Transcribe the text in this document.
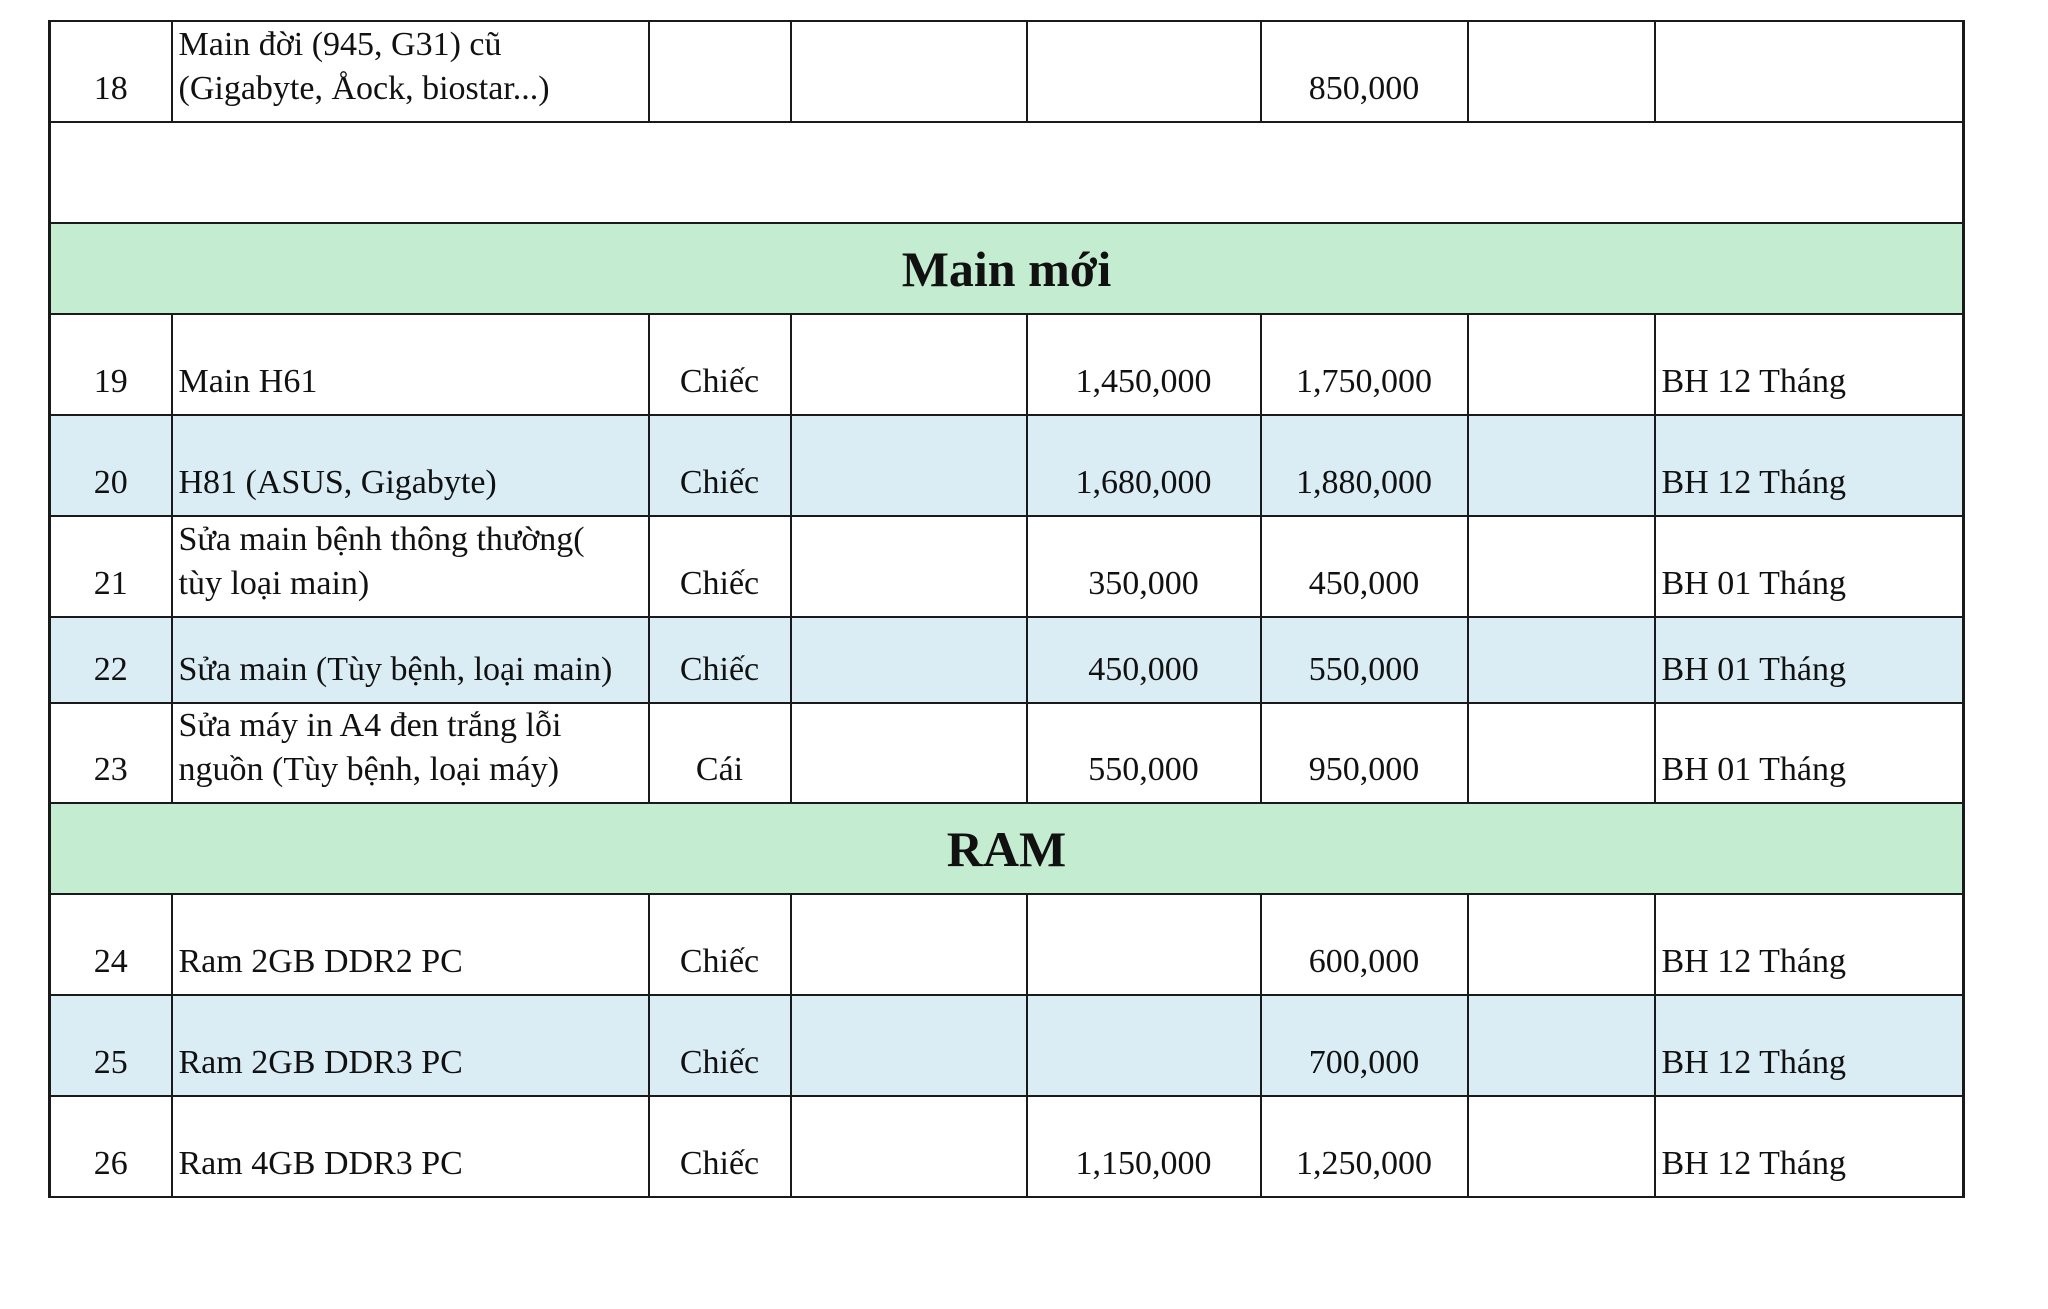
18	Main đời (945, G31) cũ
(Gigabyte, Åock, biostar...)				850,000		

Main mới							
19	Main H61	Chiếc		1,450,000	1,750,000		BH 12 Tháng
20	H81 (ASUS, Gigabyte)	Chiếc		1,680,000	1,880,000		BH 12 Tháng
21	Sửa main bệnh thông thường(
tùy loại main)	Chiếc		350,000	450,000		BH 01 Tháng
22	Sửa main (Tùy bệnh, loại main)	Chiếc		450,000	550,000		BH 01 Tháng
23	Sửa máy in A4 đen trắng lỗi
nguồn (Tùy bệnh, loại máy)	Cái		550,000	950,000		BH 01 Tháng
RAM							
24	Ram 2GB DDR2 PC	Chiếc			600,000		BH 12 Tháng
25	Ram 2GB DDR3 PC	Chiếc			700,000		BH 12 Tháng
26	Ram 4GB DDR3 PC	Chiếc		1,150,000	1,250,000		BH 12 Tháng
